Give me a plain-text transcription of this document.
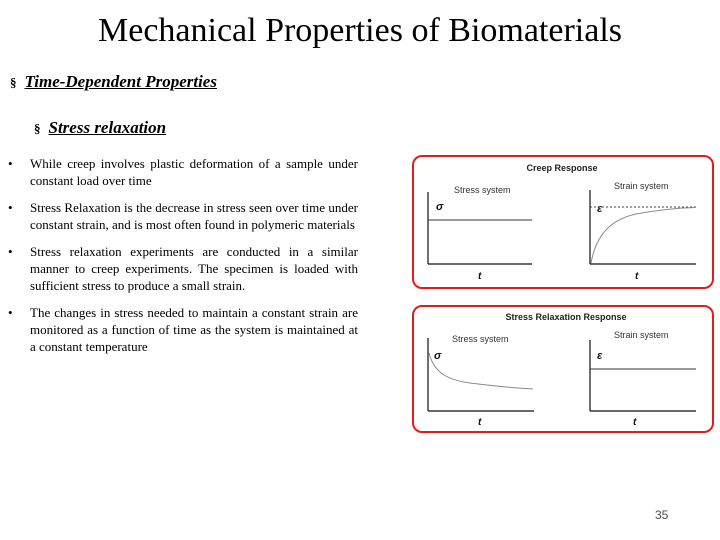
Mechanical Properties of Biomaterials
§ Time-Dependent Properties
§ Stress relaxation
• While creep involves plastic deformation of a sample under constant load over time
• Stress Relaxation is the decrease in stress seen over time under constant strain, and is most often found in polymeric materials
• Stress relaxation experiments are conducted in a similar manner to creep experiments. The specimen is loaded with sufficient stress to produce a small strain.
• The changes in stress needed to maintain a constant strain are monitored as a function of time as the system is maintained at a constant temperature
Creep Response
Stress system
σ
t
Strain system
ε
t
Stress Relaxation Response
Stress system
σ
t
Strain system
ε
t
35
